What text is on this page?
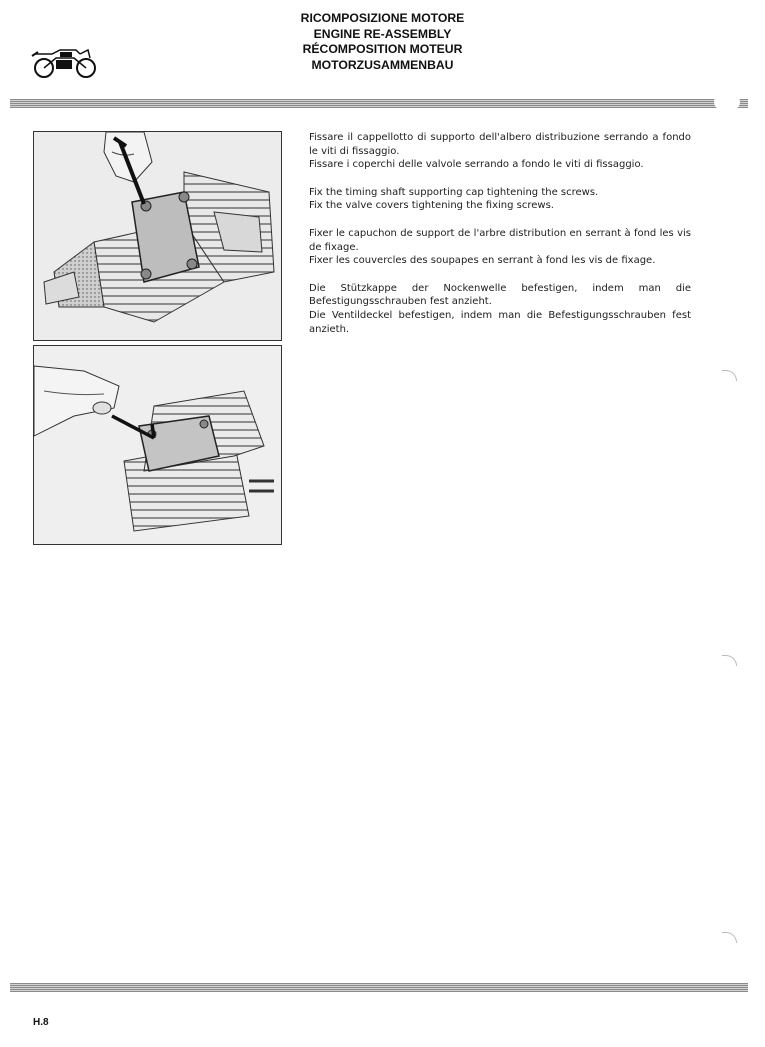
RICOMPOSIZIONE MOTORE
ENGINE RE-ASSEMBLY
RÉCOMPOSITION MOTEUR
MOTORZUSAMMENBAU

Fissare il cappellotto di supporto dell'albero distribuzione serrando a fondo le viti di fissaggio.

Fissare i coperchi delle valvole serrando a fondo le viti di fissaggio.

Fix the timing shaft supporting cap tightening the screws.

Fix the valve covers tightening the fixing screws.

Fixer le capuchon de support de l'arbre distribution en serrant à fond les vis de fixage.

Fixer les couvercles des soupapes en serrant à fond les vis de fixage.

Die Stützkappe der Nockenwelle befestigen, indem man die Befestigungsschrauben fest anzieht.

Die Ventildeckel befestigen, indem man die Befestigungsschrauben fest anzieth.

H.8
